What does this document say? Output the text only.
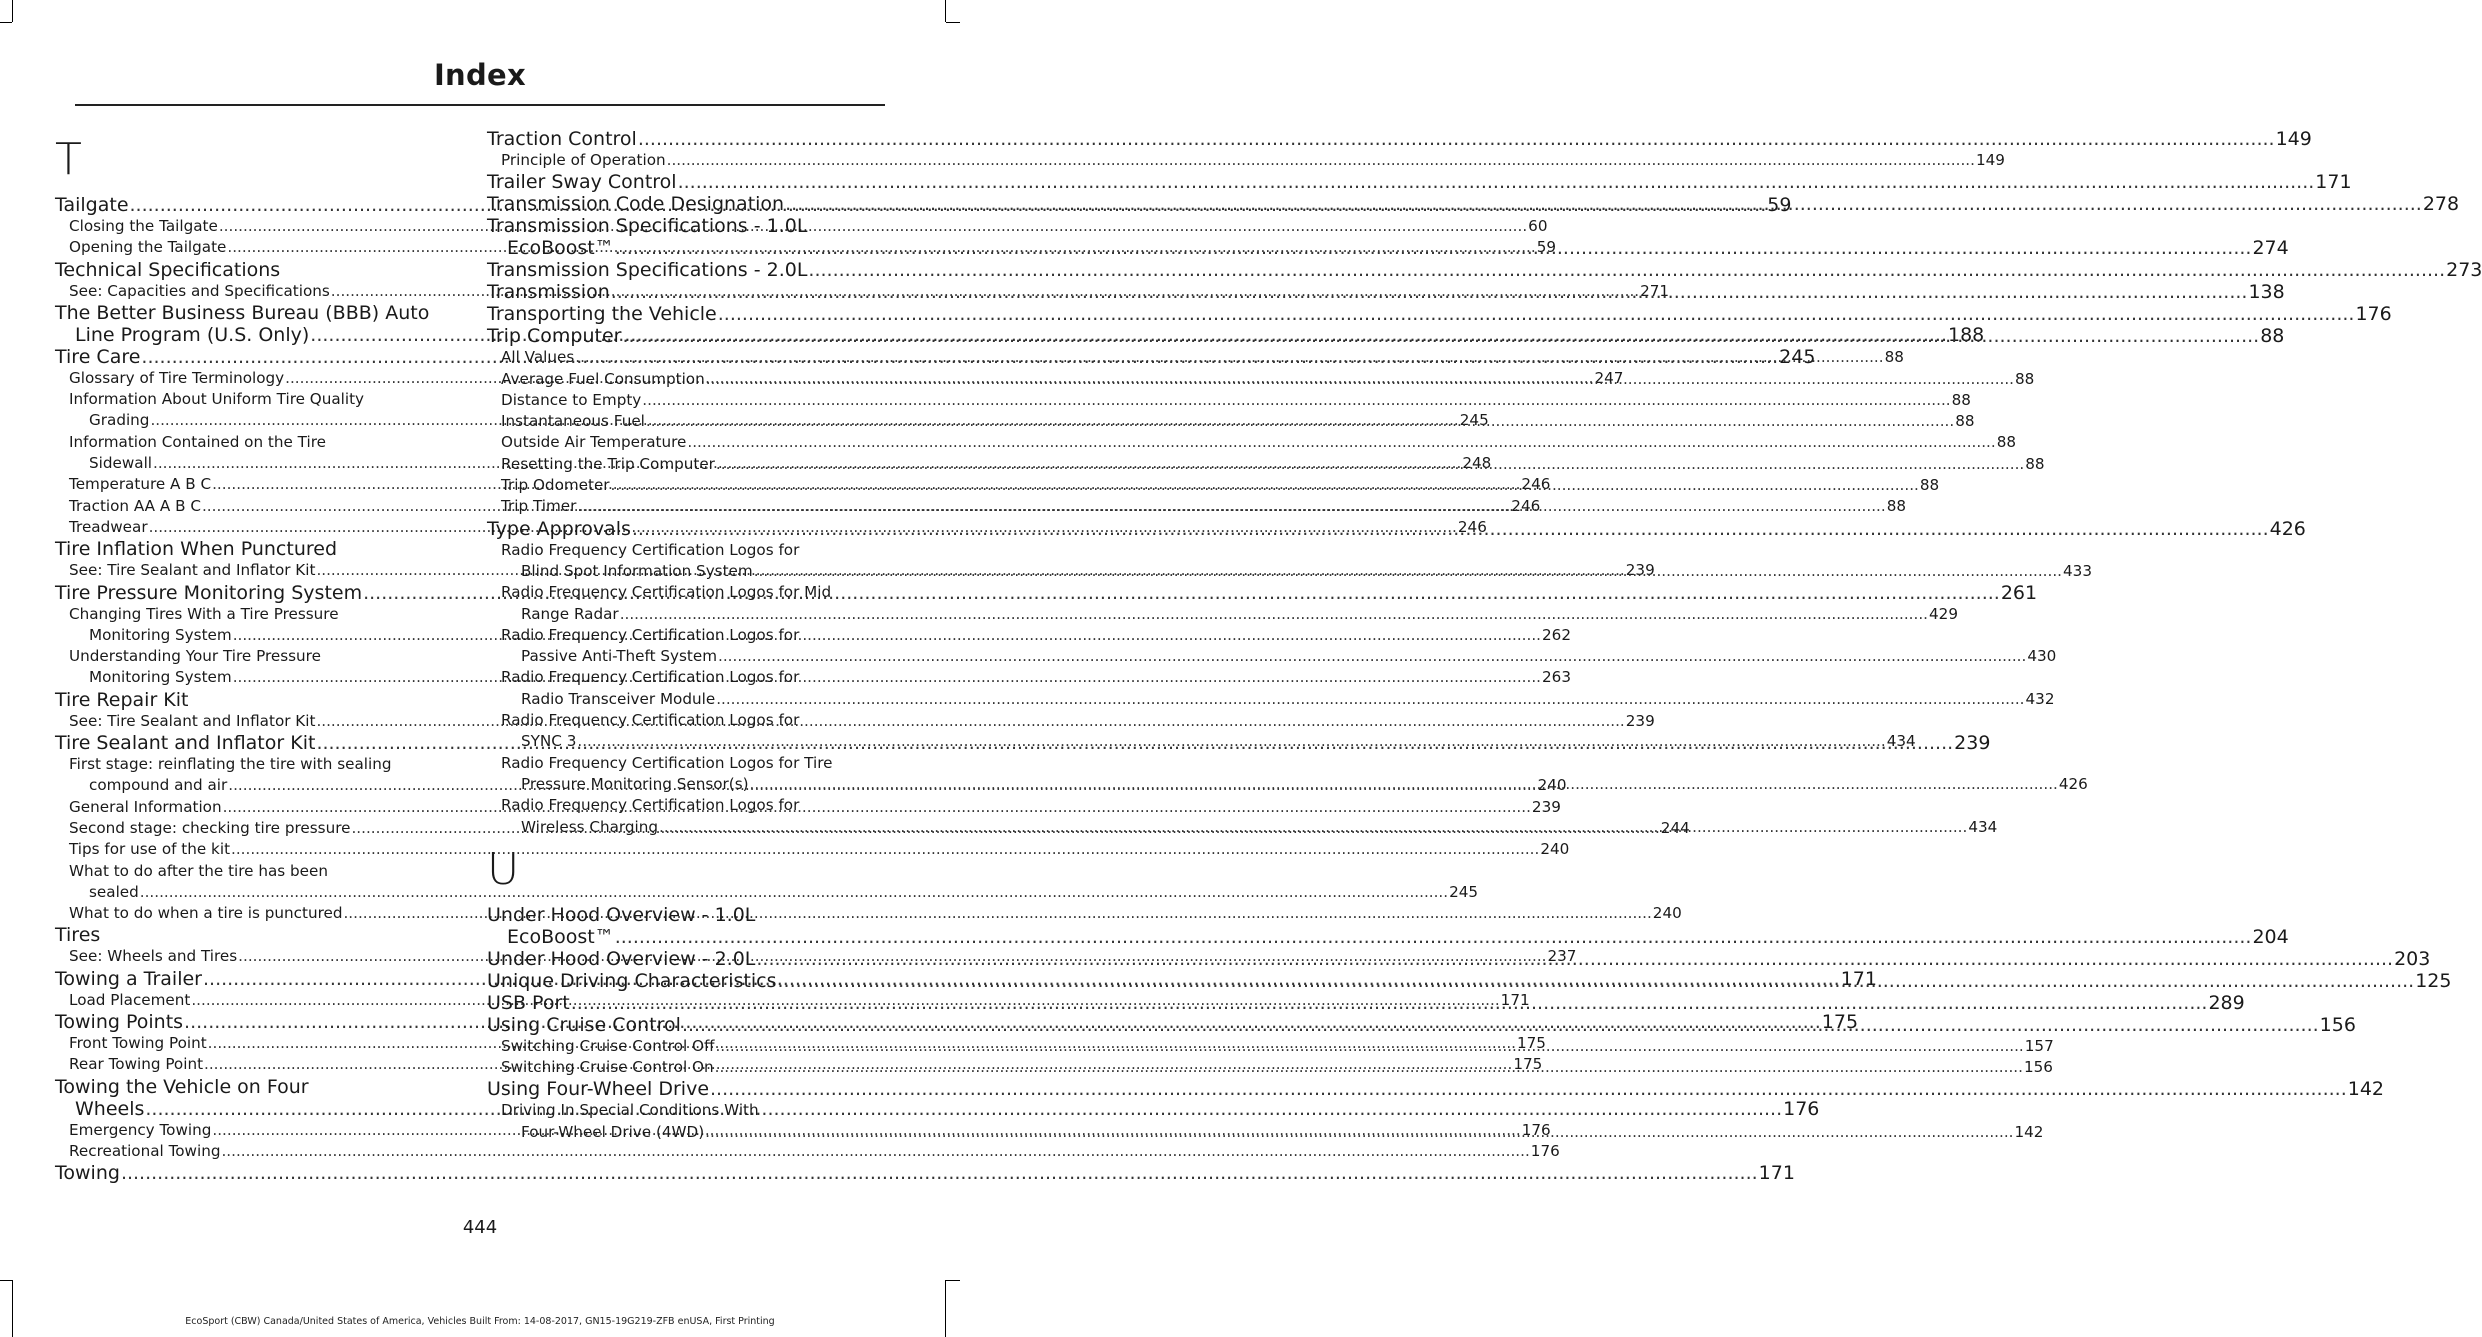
Index
T
Tailgate .....	59
Closing the Tailgate .....	60
Opening the Tailgate .....	59
Technical Specifications
See: Capacities and Specifications .....	271
The Better Business Bureau (BBB) Auto
Line Program (U.S. Only) .....	188
Tire Care .....	245
Glossary of Tire Terminology .....	247
Information About Uniform Tire Quality
Grading .....	245
Information Contained on the Tire
Sidewall .....	248
Temperature A B C .....	246
Traction AA A B C .....	246
Treadwear .....	246
Tire Inflation When Punctured
See: Tire Sealant and Inflator Kit .....	239
Tire Pressure Monitoring System .....	261
Changing Tires With a Tire Pressure
Monitoring System .....	262
Understanding Your Tire Pressure
Monitoring System .....	263
Tire Repair Kit
See: Tire Sealant and Inflator Kit .....	239
Tire Sealant and Inflator Kit .....	239
First stage: reinflating the tire with sealing
compound and air .....	240
General Information .....	239
Second stage: checking tire pressure .....	244
Tips for use of the kit .....	240
What to do after the tire has been
sealed .....	245
What to do when a tire is punctured .....	240
Tires
See: Wheels and Tires .....	237
Towing a Trailer .....	171
Load Placement .....	171
Towing Points .....	175
Front Towing Point .....	175
Rear Towing Point .....	175
Towing the Vehicle on Four
Wheels .....	176
Emergency Towing .....	176
Recreational Towing .....	176
Towing .....	171
Traction Control .....	149
Principle of Operation .....	149
Trailer Sway Control .....	171
Transmission Code Designation .....	278
Transmission Specifications - 1.0L
EcoBoost™ .....	274
Transmission Specifications - 2.0L .....	273
Transmission .....	138
Transporting the Vehicle .....	176
Trip Computer .....	88
All Values .....	88
Average Fuel Consumption .....	88
Distance to Empty .....	88
Instantaneous Fuel .....	88
Outside Air Temperature .....	88
Resetting the Trip Computer .....	88
Trip Odometer .....	88
Trip Timer .....	88
Type Approvals .....	426
Radio Frequency Certification Logos for
Blind Spot Information System .....	433
Radio Frequency Certification Logos for Mid
Range Radar .....	429
Radio Frequency Certification Logos for
Passive Anti-Theft System .....	430
Radio Frequency Certification Logos for
Radio Transceiver Module .....	432
Radio Frequency Certification Logos for
SYNC 3 .....	434
Radio Frequency Certification Logos for Tire
Pressure Monitoring Sensor(s) .....	426
Radio Frequency Certification Logos for
Wireless Charging .....	434
U
Under Hood Overview - 1.0L
EcoBoost™ .....	204
Under Hood Overview - 2.0L .....	203
Unique Driving Characteristics .....	125
USB Port .....	289
Using Cruise Control .....	156
Switching Cruise Control Off .....	157
Switching Cruise Control On .....	156
Using Four-Wheel Drive .....	142
Driving In Special Conditions With
Four-Wheel Drive (4WD) .....	142
444
EcoSport (CBW) Canada/United States of America, Vehicles Built From: 14-08-2017, GN15-19G219-ZFB enUSA, First Printing
